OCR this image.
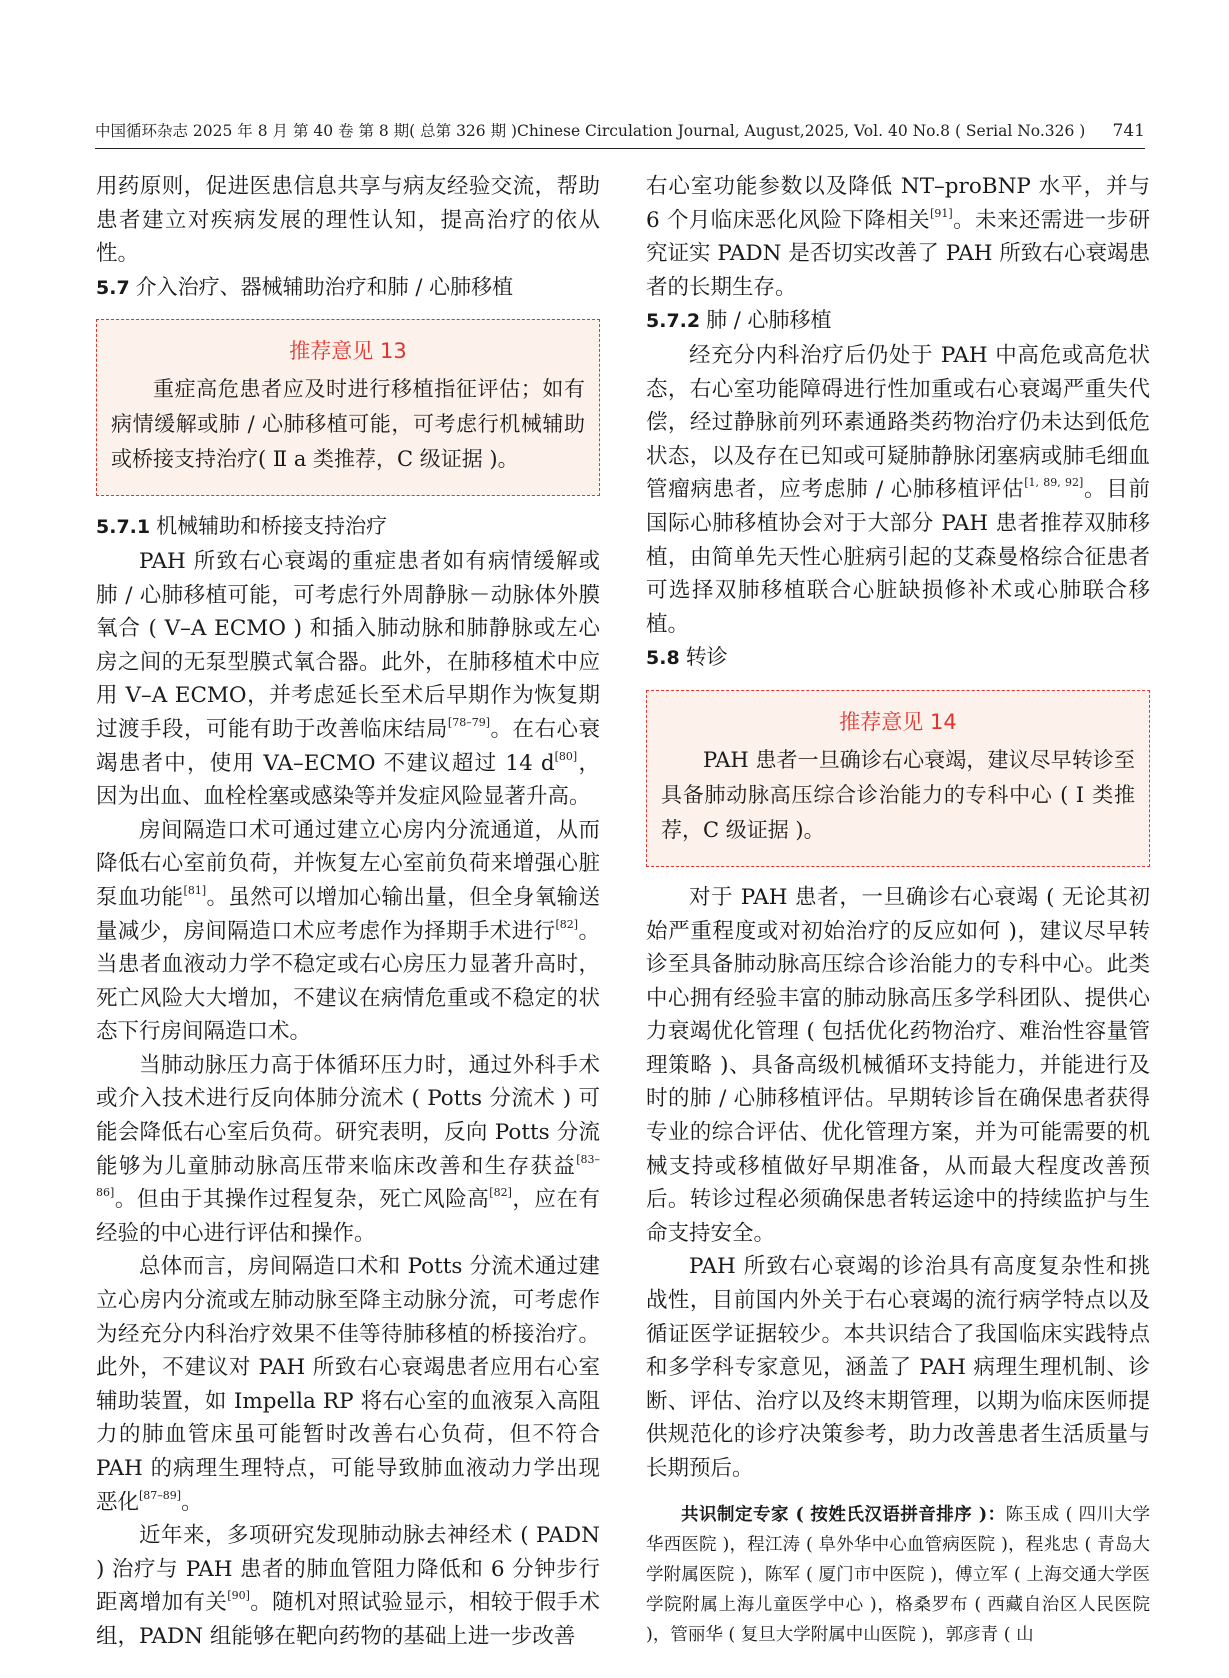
中国循环杂志 2025 年 8 月 第 40 卷 第 8 期( 总第 326 期 )Chinese Circulation Journal, August,2025, Vol. 40 No.8 ( Serial No.326 ) 741

用药原则，促进医患信息共享与病友经验交流，帮助患者建立对疾病发展的理性认知，提高治疗的依从性。

5.7 介入治疗、器械辅助治疗和肺 / 心肺移植

推荐意见 13

重症高危患者应及时进行移植指征评估；如有病情缓解或肺 / 心肺移植可能，可考虑行机械辅助或桥接支持治疗( Ⅱ a 类推荐，C 级证据 )。

5.7.1 机械辅助和桥接支持治疗

PAH 所致右心衰竭的重症患者如有病情缓解或肺 / 心肺移植可能，可考虑行外周静脉－动脉体外膜氧合 ( V–A ECMO ) 和插入肺动脉和肺静脉或左心房之间的无泵型膜式氧合器。此外，在肺移植术中应用 V–A ECMO，并考虑延长至术后早期作为恢复期过渡手段，可能有助于改善临床结局[78–79]。在右心衰竭患者中，使用 VA–ECMO 不建议超过 14 d[80]，因为出血、血栓栓塞或感染等并发症风险显著升高。

房间隔造口术可通过建立心房内分流通道，从而降低右心室前负荷，并恢复左心室前负荷来增强心脏泵血功能[81]。虽然可以增加心输出量，但全身氧输送量减少，房间隔造口术应考虑作为择期手术进行[82]。当患者血液动力学不稳定或右心房压力显著升高时，死亡风险大大增加，不建议在病情危重或不稳定的状态下行房间隔造口术。

当肺动脉压力高于体循环压力时，通过外科手术或介入技术进行反向体肺分流术 ( Potts 分流术 ) 可能会降低右心室后负荷。研究表明，反向 Potts 分流能够为儿童肺动脉高压带来临床改善和生存获益[83–86]。但由于其操作过程复杂，死亡风险高[82]，应在有经验的中心进行评估和操作。

总体而言，房间隔造口术和 Potts 分流术通过建立心房内分流或左肺动脉至降主动脉分流，可考虑作为经充分内科治疗效果不佳等待肺移植的桥接治疗。此外，不建议对 PAH 所致右心衰竭患者应用右心室辅助装置，如 Impella RP 将右心室的血液泵入高阻力的肺血管床虽可能暂时改善右心负荷，但不符合 PAH 的病理生理特点，可能导致肺血液动力学出现恶化[87–89]。

近年来，多项研究发现肺动脉去神经术 ( PADN ) 治疗与 PAH 患者的肺血管阻力降低和 6 分钟步行距离增加有关[90]。随机对照试验显示，相较于假手术组，PADN 组能够在靶向药物的基础上进一步改善

右心室功能参数以及降低 NT–proBNP 水平，并与 6 个月临床恶化风险下降相关[91]。未来还需进一步研究证实 PADN 是否切实改善了 PAH 所致右心衰竭患者的长期生存。

5.7.2 肺 / 心肺移植

经充分内科治疗后仍处于 PAH 中高危或高危状态，右心室功能障碍进行性加重或右心衰竭严重失代偿，经过静脉前列环素通路类药物治疗仍未达到低危状态，以及存在已知或可疑肺静脉闭塞病或肺毛细血管瘤病患者，应考虑肺 / 心肺移植评估[1, 89, 92]。目前国际心肺移植协会对于大部分 PAH 患者推荐双肺移植，由简单先天性心脏病引起的艾森曼格综合征患者可选择双肺移植联合心脏缺损修补术或心肺联合移植。

5.8 转诊

推荐意见 14

PAH 患者一旦确诊右心衰竭，建议尽早转诊至具备肺动脉高压综合诊治能力的专科中心 ( Ⅰ 类推荐，C 级证据 )。

对于 PAH 患者，一旦确诊右心衰竭 ( 无论其初始严重程度或对初始治疗的反应如何 )，建议尽早转诊至具备肺动脉高压综合诊治能力的专科中心。此类中心拥有经验丰富的肺动脉高压多学科团队、提供心力衰竭优化管理 ( 包括优化药物治疗、难治性容量管理策略 )、具备高级机械循环支持能力，并能进行及时的肺 / 心肺移植评估。早期转诊旨在确保患者获得专业的综合评估、优化管理方案，并为可能需要的机械支持或移植做好早期准备，从而最大程度改善预后。转诊过程必须确保患者转运途中的持续监护与生命支持安全。

PAH 所致右心衰竭的诊治具有高度复杂性和挑战性，目前国内外关于右心衰竭的流行病学特点以及循证医学证据较少。本共识结合了我国临床实践特点和多学科专家意见，涵盖了 PAH 病理生理机制、诊断、评估、治疗以及终末期管理，以期为临床医师提供规范化的诊疗决策参考，助力改善患者生活质量与长期预后。

共识制定专家 ( 按姓氏汉语拼音排序 )：陈玉成 ( 四川大学华西医院 )，程江涛 ( 阜外华中心血管病医院 )，程兆忠 ( 青岛大学附属医院 )，陈军 ( 厦门市中医院 )，傅立军 ( 上海交通大学医学院附属上海儿童医学中心 )，格桑罗布 ( 西藏自治区人民医院 )，管丽华 ( 复旦大学附属中山医院 )，郭彦青 ( 山
